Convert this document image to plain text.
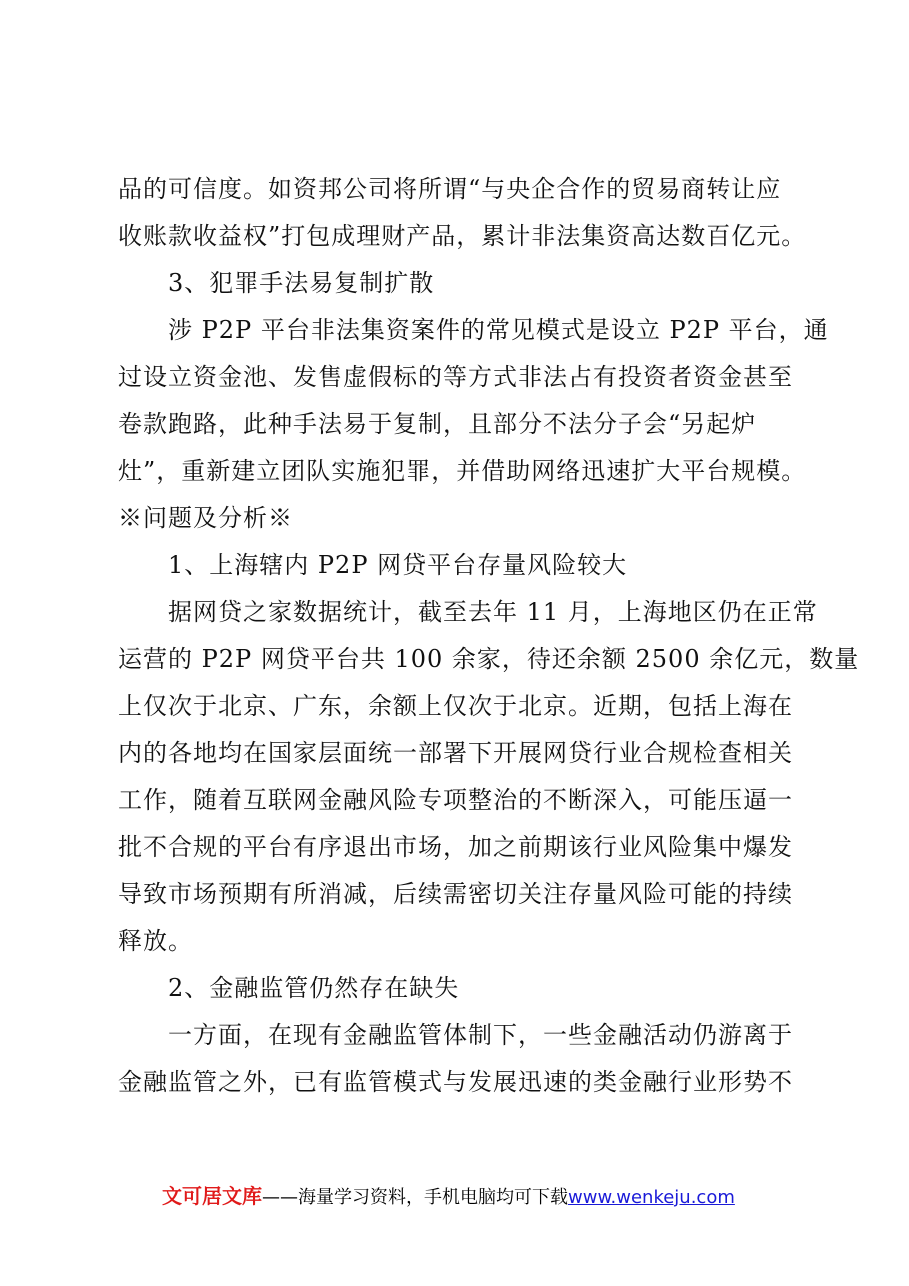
品的可信度。如资邦公司将所谓“与央企合作的贸易商转让应
收账款收益权”打包成理财产品，累计非法集资高达数百亿元。
3、犯罪手法易复制扩散
涉 P2P 平台非法集资案件的常见模式是设立 P2P 平台，通
过设立资金池、发售虚假标的等方式非法占有投资者资金甚至
卷款跑路，此种手法易于复制，且部分不法分子会“另起炉
灶”，重新建立团队实施犯罪，并借助网络迅速扩大平台规模。
※问题及分析※
1、上海辖内 P2P 网贷平台存量风险较大
据网贷之家数据统计，截至去年 11 月，上海地区仍在正常
运营的 P2P 网贷平台共 100 余家，待还余额 2500 余亿元，数量
上仅次于北京、广东，余额上仅次于北京。近期，包括上海在
内的各地均在国家层面统一部署下开展网贷行业合规检查相关
工作，随着互联网金融风险专项整治的不断深入，可能压逼一
批不合规的平台有序退出市场，加之前期该行业风险集中爆发
导致市场预期有所消减，后续需密切关注存量风险可能的持续
释放。
2、金融监管仍然存在缺失
一方面，在现有金融监管体制下，一些金融活动仍游离于
金融监管之外，已有监管模式与发展迅速的类金融行业形势不
文可居文库——海量学习资料，手机电脑均可下载www.wenkeju.com
